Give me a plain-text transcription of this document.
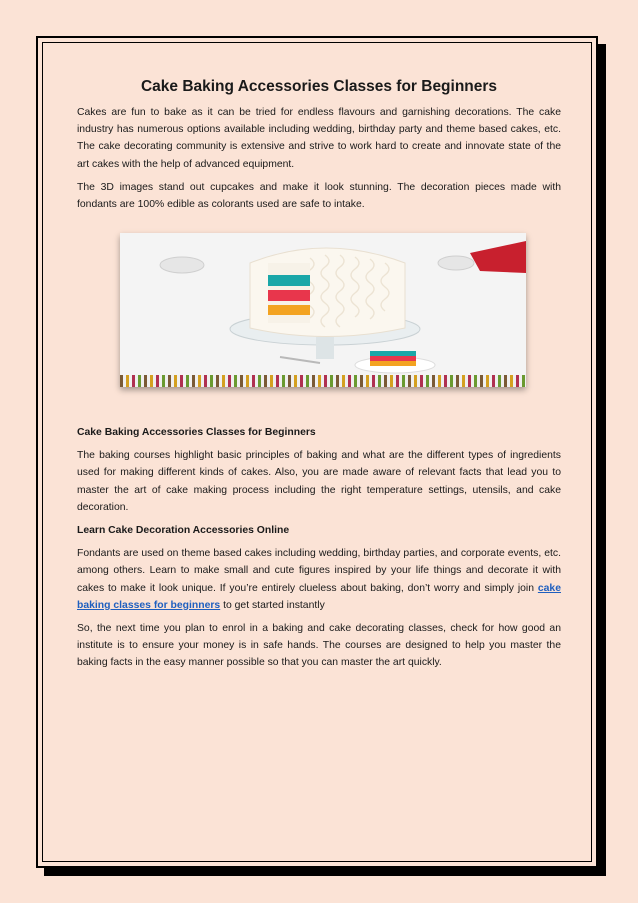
Cake Baking Accessories Classes for Beginners

Cakes are fun to bake as it can be tried for endless flavours and garnishing decorations. The cake industry has numerous options available including wedding, birthday party and theme based cakes, etc. The cake decorating community is extensive and strive to work hard to create and innovate state of the art cakes with the help of advanced equipment.

The 3D images stand out cupcakes and make it look stunning. The decoration pieces made with fondants are 100% edible as colorants used are safe to intake.

Cake Baking Accessories Classes for Beginners

The baking courses highlight basic principles of baking and what are the different types of ingredients used for making different kinds of cakes. Also, you are made aware of relevant facts that lead you to master the art of cake making process including the right temperature settings, utensils, and cake decoration.

Learn Cake Decoration Accessories Online

Fondants are used on theme based cakes including wedding, birthday parties, and corporate events, etc. among others. Learn to make small and cute figures inspired by your life things and decorate it with cakes to make it look unique. If you’re entirely clueless about baking, don’t worry and simply join cake baking classes for beginners to get started instantly

So, the next time you plan to enrol in a baking and cake decorating classes, check for how good an institute is to ensure your money is in safe hands. The courses are designed to help you master the baking facts in the easy manner possible so that you can master the art quickly.
